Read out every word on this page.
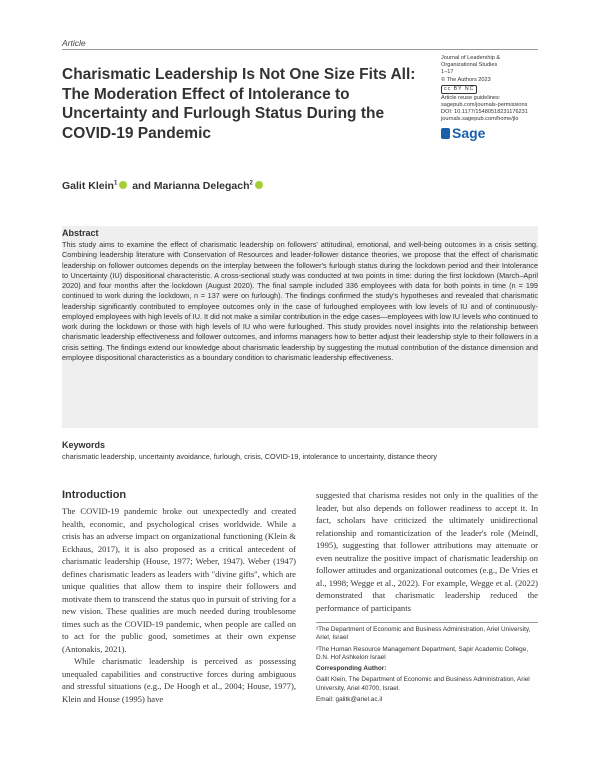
Article
Charismatic Leadership Is Not One Size Fits All: The Moderation Effect of Intolerance to Uncertainty and Furlough Status During the COVID-19 Pandemic
Journal of Leadership &
Organizational Studies
1–17
© The Authors 2023
cc BY NC
Article reuse guidelines:
sagepub.com/journals-permissions
DOI: 10.1177/15480518231176231
journals.sagepub.com/home/jlo
Sage
Galit Klein$^1$ and Marianna Delegach$^2$
Abstract
This study aims to examine the effect of charismatic leadership on followers' attitudinal, emotional, and well-being outcomes in a crisis setting. Combining leadership literature with Conservation of Resources and leader-follower distance theories, we propose that the effect of charismatic leadership on follower outcomes depends on the interplay between the follower's furlough status during the lockdown period and their Intolerance to Uncertainty (IU) dispositional characteristic. A cross-sectional study was conducted at two points in time: during the first lockdown (March–April 2020) and four months after the lockdown (August 2020). The final sample included 336 employees with data for both points in time (n = 199 continued to work during the lockdown, n = 137 were on furlough). The findings confirmed the study's hypotheses and revealed that charismatic leadership significantly contributed to employee outcomes only in the case of furloughed employees with low levels of IU and of continuously-employed employees with high levels of IU. It did not make a similar contribution in the edge cases—employees with low IU levels who continued to work during the lockdown or those with high levels of IU who were furloughed. This study provides novel insights into the relationship between charismatic leadership effectiveness and follower outcomes, and informs managers how to better adjust their leadership style to their followers in a crisis setting. The findings extend our knowledge about charismatic leadership by suggesting the mutual contribution of the distance dimension and employee dispositional characteristics as a boundary condition to charismatic leadership effectiveness.
Keywords
charismatic leadership, uncertainty avoidance, furlough, crisis, COVID-19, intolerance to uncertainty, distance theory
Introduction

The COVID-19 pandemic broke out unexpectedly and created health, economic, and psychological crises worldwide. While a crisis has an adverse impact on organizational functioning (Klein & Eckhaus, 2017), it is also proposed as a critical antecedent of charismatic leadership (House, 1977; Weber, 1947). Weber (1947) defines charismatic leaders as leaders with "divine gifts", which are unique qualities that allow them to inspire their followers and motivate them to transcend the status quo in pursuit of striving for a new vision. These qualities are much needed during troublesome times such as the COVID-19 pandemic, when people are called on to act for the public good, sometimes at their own expense (Antonakis, 2021).

While charismatic leadership is perceived as possessing unequaled capabilities and constructive forces during ambiguous and stressful situations (e.g., De Hoogh et al., 2004; House, 1977), Klein and House (1995) have

suggested that charisma resides not only in the qualities of the leader, but also depends on follower readiness to accept it. In fact, scholars have criticized the ultimately unidirectional relationship and romanticization of the leader's role (Meindl, 1995), suggesting that follower attributions may attenuate or even neutralize the positive impact of charismatic leadership on follower attitudes and organizational outcomes (e.g., De Vries et al., 1998; Wegge et al., 2022). For example, Wegge et al. (2022) demonstrated that charismatic leadership reduced the performance of participants

¹The Department of Economic and Business Administration, Ariel University, Ariel, Israel

²The Human Resource Management Department, Sapir Academic College, D.N. Hof Ashkelon Israel

Corresponding Author:

Galit Klein, The Department of Economic and Business Administration, Ariel University, Ariel 40700, Israel.

Email: galitk@ariel.ac.il
